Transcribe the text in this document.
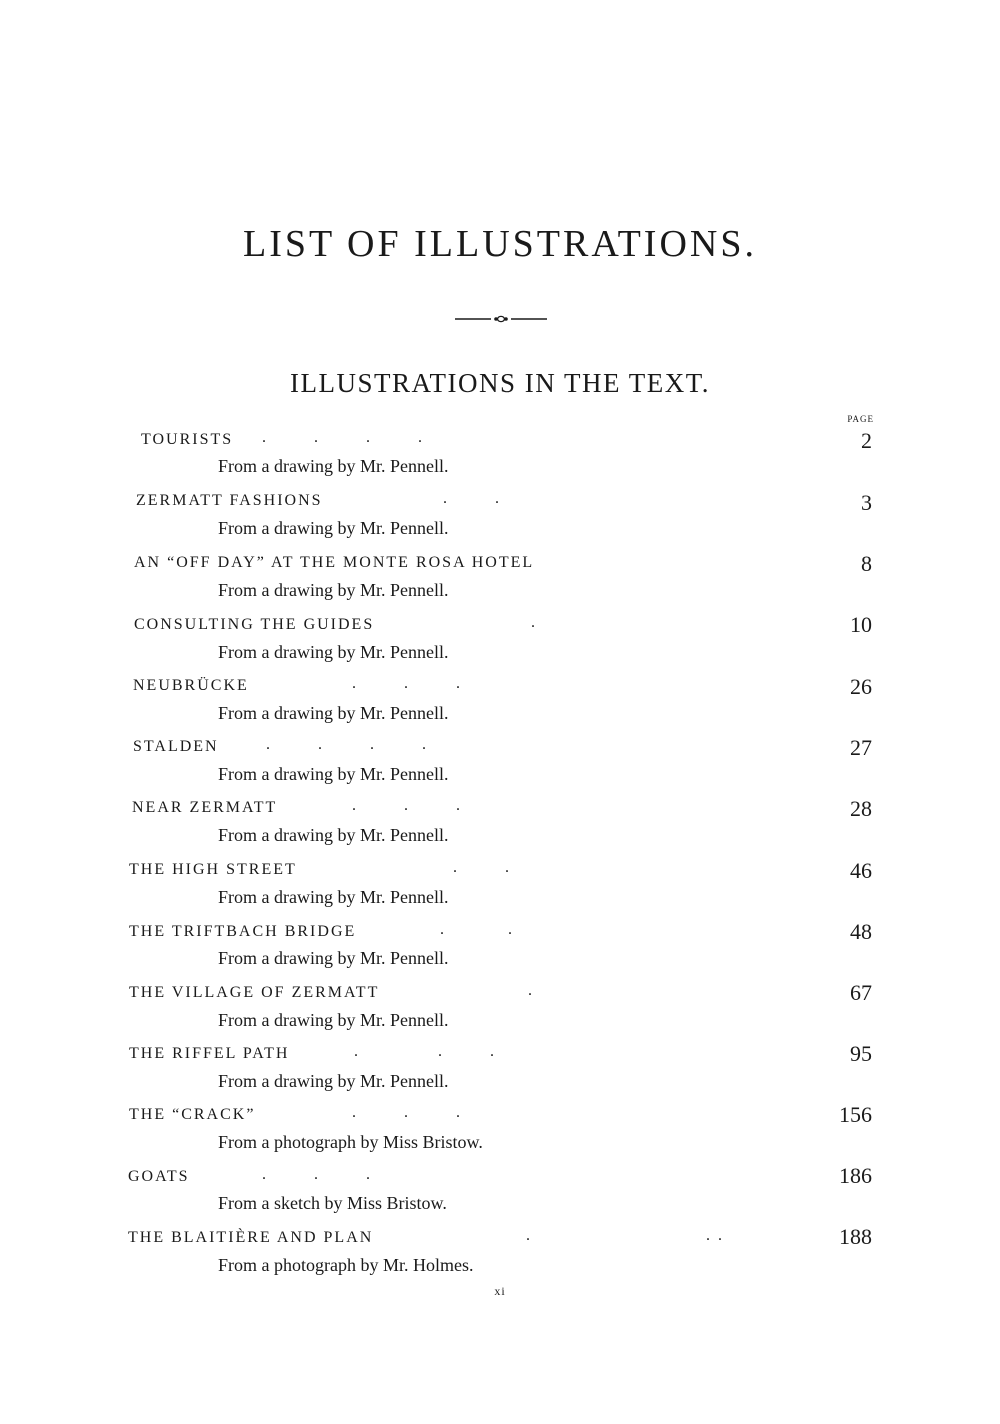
LIST OF ILLUSTRATIONS.
ILLUSTRATIONS IN THE TEXT.
PAGE
TOURISTS .   .   .   .	2
From a drawing by Mr. Pennell.
ZERMATT FASHIONS	.   .	3
From a drawing by Mr. Pennell.
AN “OFF DAY” AT THE MONTE ROSA HOTEL	8
From a drawing by Mr. Pennell.
CONSULTING THE GUIDES	.	10
From a drawing by Mr. Pennell.
NEUBRÜCKE	.   .   .	26
From a drawing by Mr. Pennell.
STALDEN	.   .   .   .	27
From a drawing by Mr. Pennell.
NEAR ZERMATT	.   .   .	28
From a drawing by Mr. Pennell.
THE HIGH STREET	.   .	46
From a drawing by Mr. Pennell.
THE TRIFTBACH BRIDGE	.    .	48
From a drawing by Mr. Pennell.
THE VILLAGE OF ZERMATT	.	67
From a drawing by Mr. Pennell.
THE RIFFEL PATH	.     .   .	95
From a drawing by Mr. Pennell.
THE “CRACK”	.   .   .	156
From a photograph by Miss Bristow.
GOATS	.   .   .	186
From a sketch by Miss Bristow.
THE BLAITIÈRE AND PLAN	.           . .	188
From a photograph by Mr. Holmes.
xi
